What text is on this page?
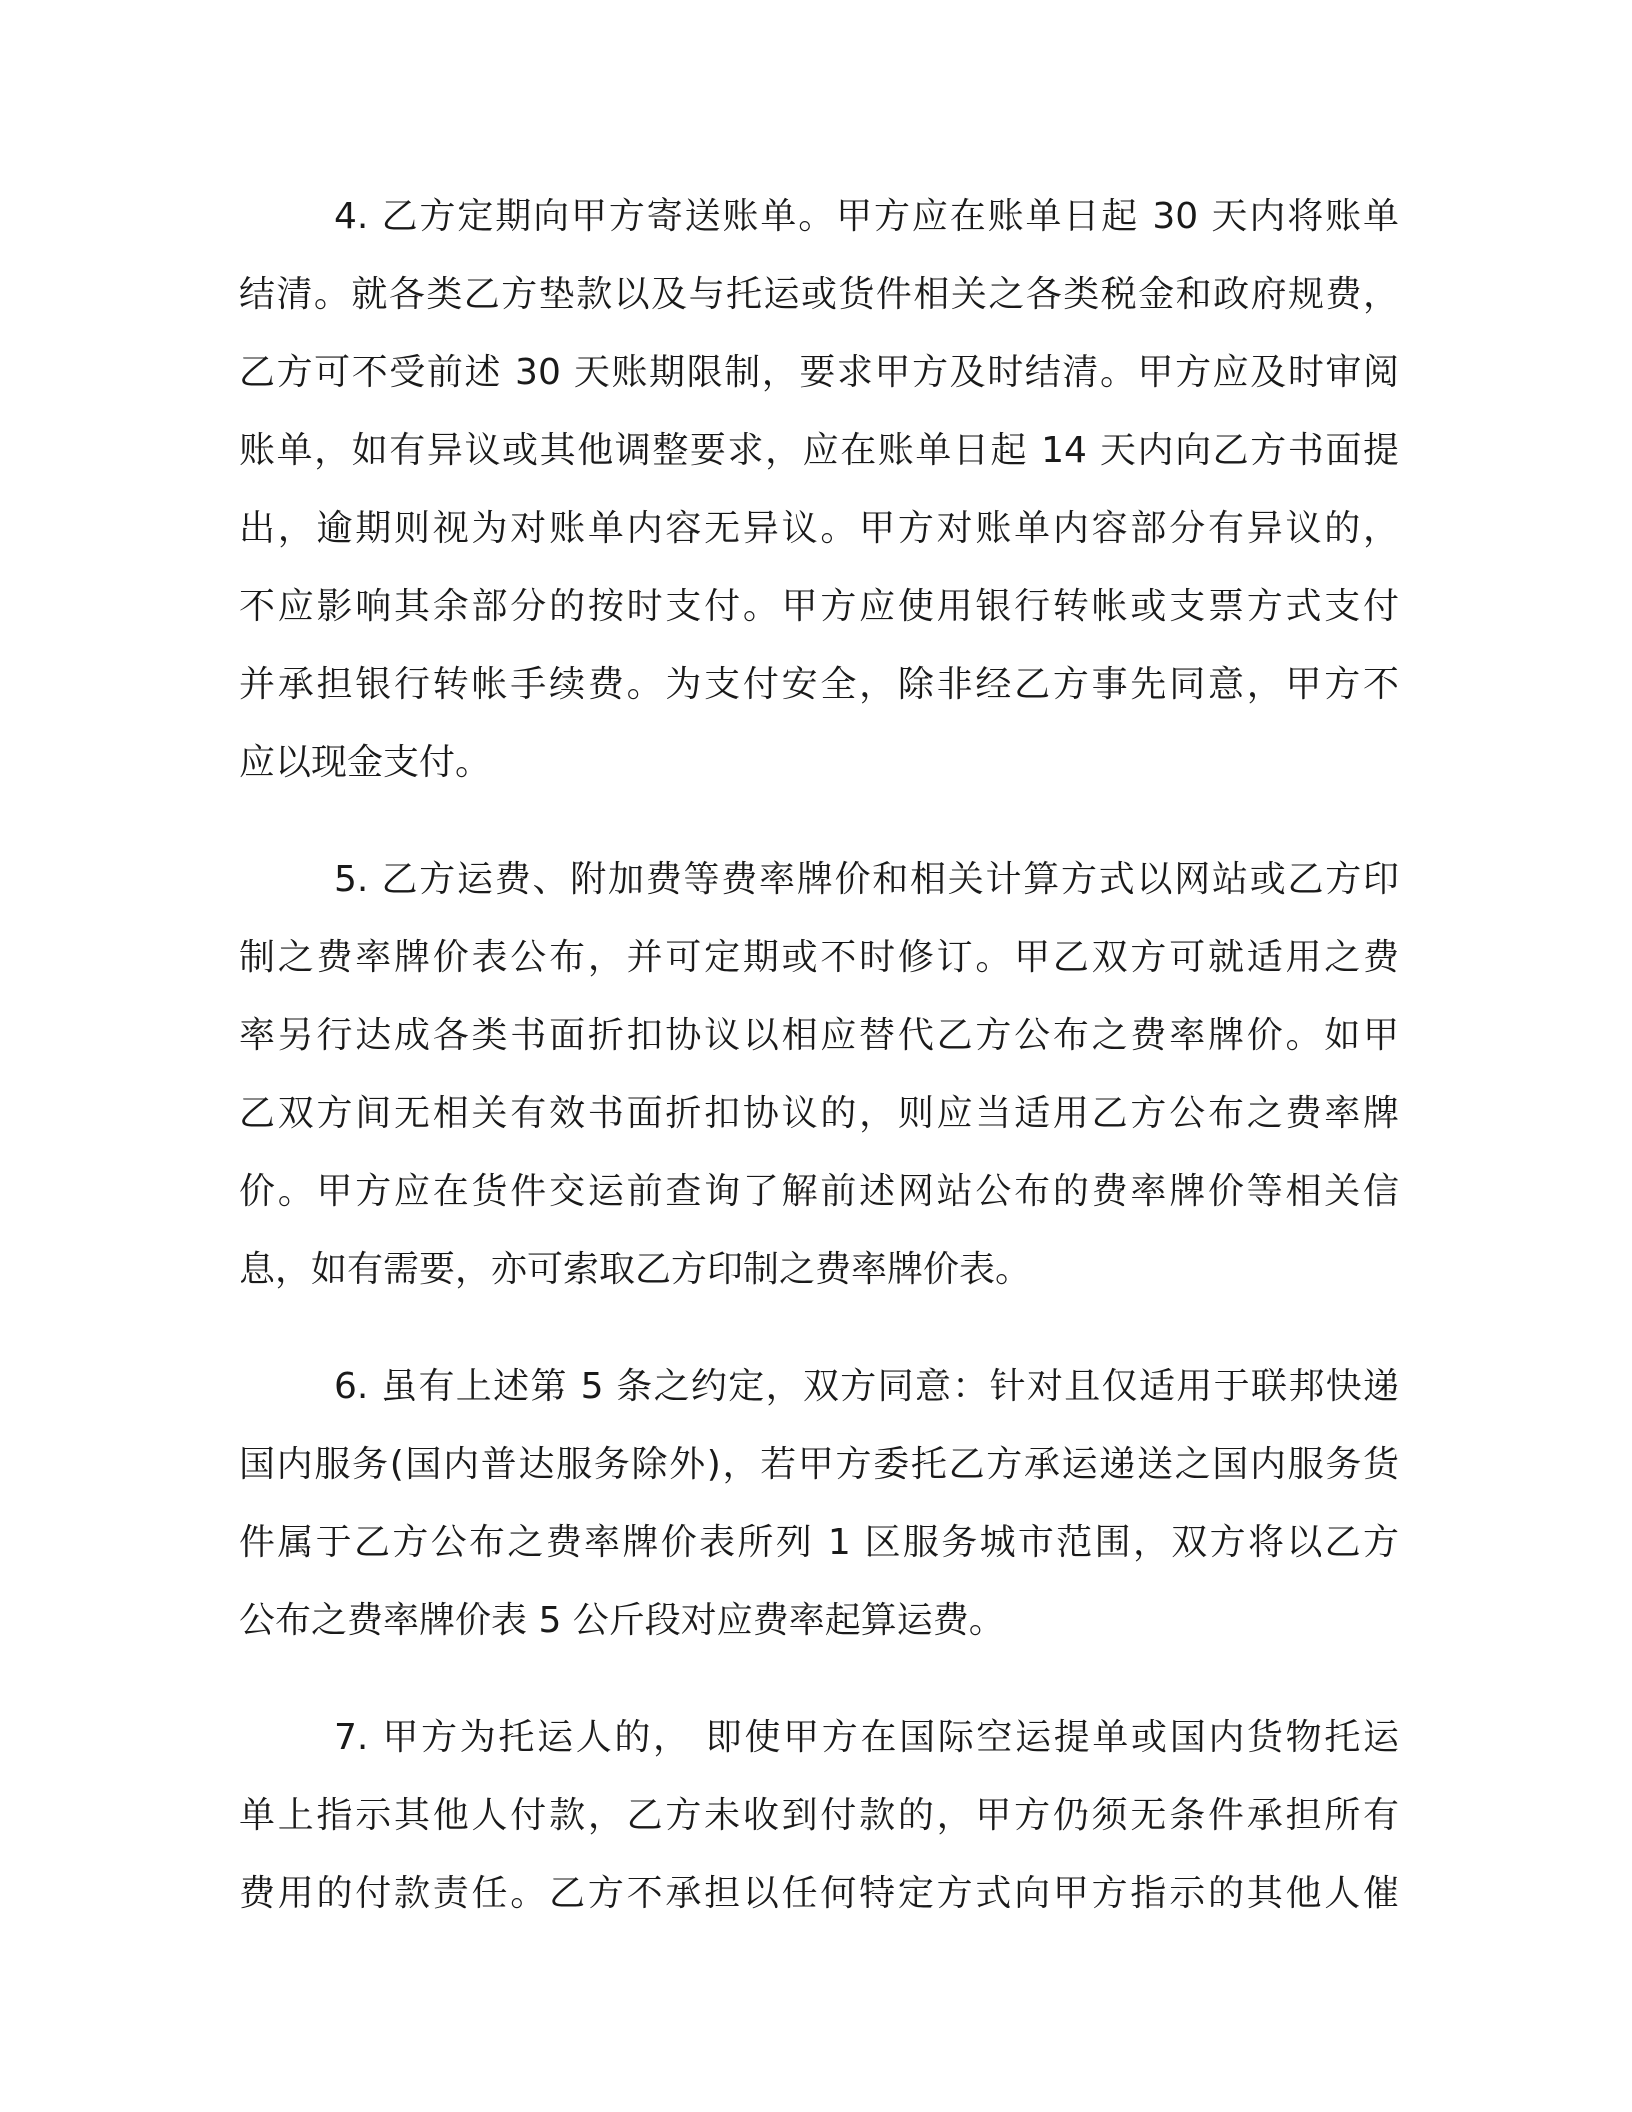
4. 乙方定期向甲方寄送账单。甲方应在账单日起 30 天内将账单
结清。就各类乙方垫款以及与托运或货件相关之各类税金和政府规费，
乙方可不受前述 30 天账期限制，要求甲方及时结清。甲方应及时审阅
账单，如有异议或其他调整要求，应在账单日起 14 天内向乙方书面提
出，逾期则视为对账单内容无异议。甲方对账单内容部分有异议的，
不应影响其余部分的按时支付。甲方应使用银行转帐或支票方式支付
并承担银行转帐手续费。为支付安全，除非经乙方事先同意，甲方不
应以现金支付。
5. 乙方运费、附加费等费率牌价和相关计算方式以网站或乙方印
制之费率牌价表公布，并可定期或不时修订。甲乙双方可就适用之费
率另行达成各类书面折扣协议以相应替代乙方公布之费率牌价。如甲
乙双方间无相关有效书面折扣协议的，则应当适用乙方公布之费率牌
价。甲方应在货件交运前查询了解前述网站公布的费率牌价等相关信
息，如有需要，亦可索取乙方印制之费率牌价表。
6. 虽有上述第 5 条之约定，双方同意：针对且仅适用于联邦快递
国内服务(国内普达服务除外)，若甲方委托乙方承运递送之国内服务货
件属于乙方公布之费率牌价表所列 1 区服务城市范围，双方将以乙方
公布之费率牌价表 5 公斤段对应费率起算运费。
7. 甲方为托运人的， 即使甲方在国际空运提单或国内货物托运
单上指示其他人付款，乙方未收到付款的，甲方仍须无条件承担所有
费用的付款责任。乙方不承担以任何特定方式向甲方指示的其他人催
